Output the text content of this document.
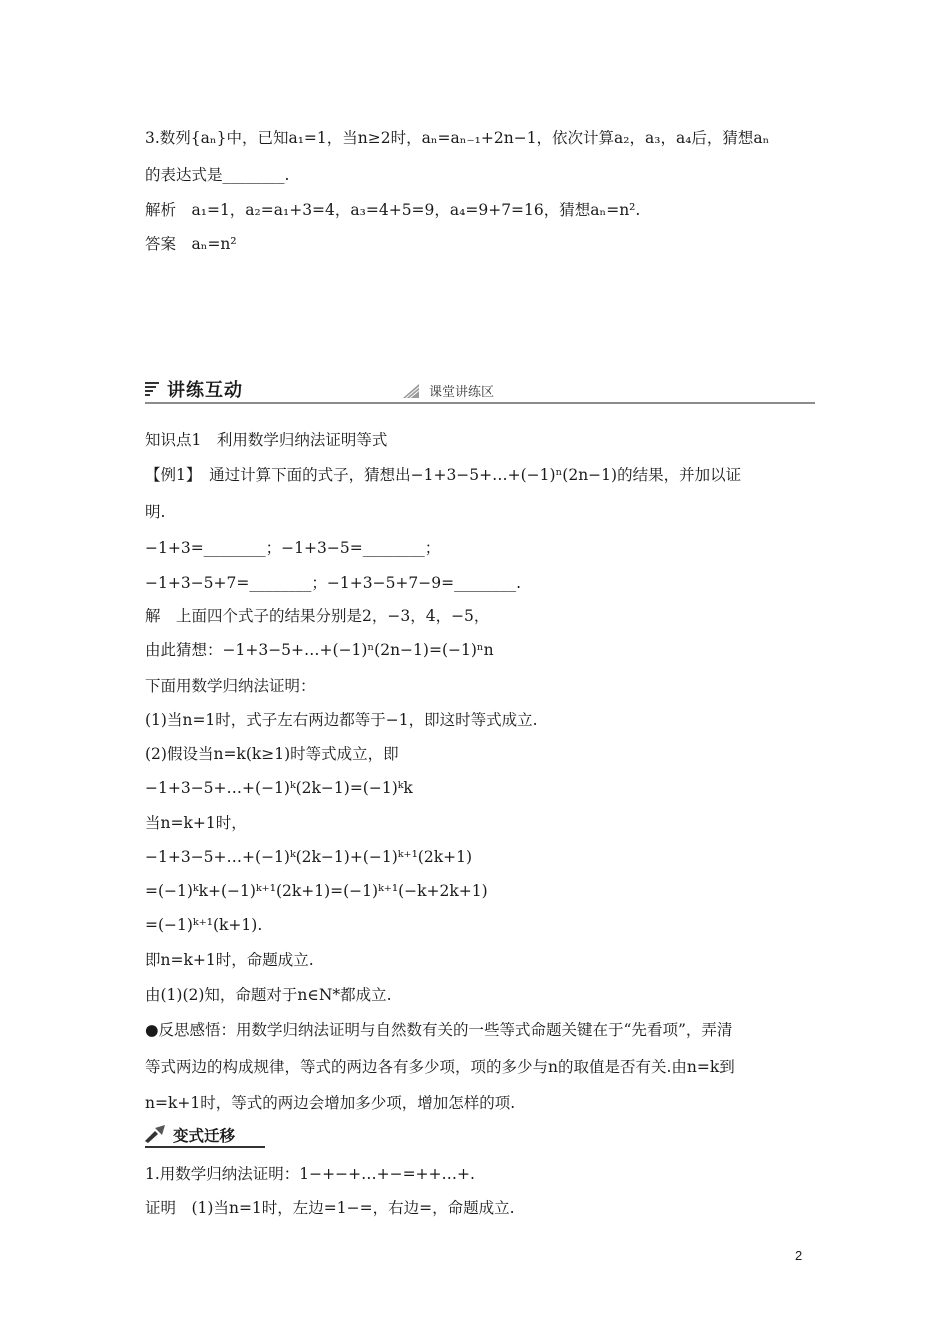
3.数列{aₙ}中，已知a₁=1，当n≥2时，aₙ=aₙ₋₁+2n−1，依次计算a₂，a₃，a₄后，猜想aₙ
的表达式是________.
解析　a₁=1，a₂=a₁+3=4，a₃=4+5=9，a₄=9+7=16，猜想aₙ=n².
答案　aₙ=n²
讲练互动	课堂讲练区
知识点1　利用数学归纳法证明等式
【例1】　通过计算下面的式子，猜想出−1+3−5+…+(−1)ⁿ(2n−1)的结果，并加以证
明.
−1+3=________；−1+3−5=________；
−1+3−5+7=________；−1+3−5+7−9=________.
解　上面四个式子的结果分别是2，−3，4，−5，
由此猜想：−1+3−5+…+(−1)ⁿ(2n−1)=(−1)ⁿn
下面用数学归纳法证明：
(1)当n=1时，式子左右两边都等于−1，即这时等式成立.
(2)假设当n=k(k≥1)时等式成立，即
−1+3−5+…+(−1)ᵏ(2k−1)=(−1)ᵏk
当n=k+1时，
−1+3−5+…+(−1)ᵏ(2k−1)+(−1)ᵏ⁺¹(2k+1)
=(−1)ᵏk+(−1)ᵏ⁺¹(2k+1)=(−1)ᵏ⁺¹(−k+2k+1)
=(−1)ᵏ⁺¹(k+1).
即n=k+1时，命题成立.
由(1)(2)知，命题对于n∈N*都成立.
●反思感悟：用数学归纳法证明与自然数有关的一些等式命题关键在于“先看项”，弄清
等式两边的构成规律，等式的两边各有多少项，项的多少与n的取值是否有关.由n=k到
n=k+1时，等式的两边会增加多少项，增加怎样的项.
变式迁移
1.用数学归纳法证明：1−+−+…+−=++…+.
证明　(1)当n=1时，左边=1−=，右边=，命题成立.
2
